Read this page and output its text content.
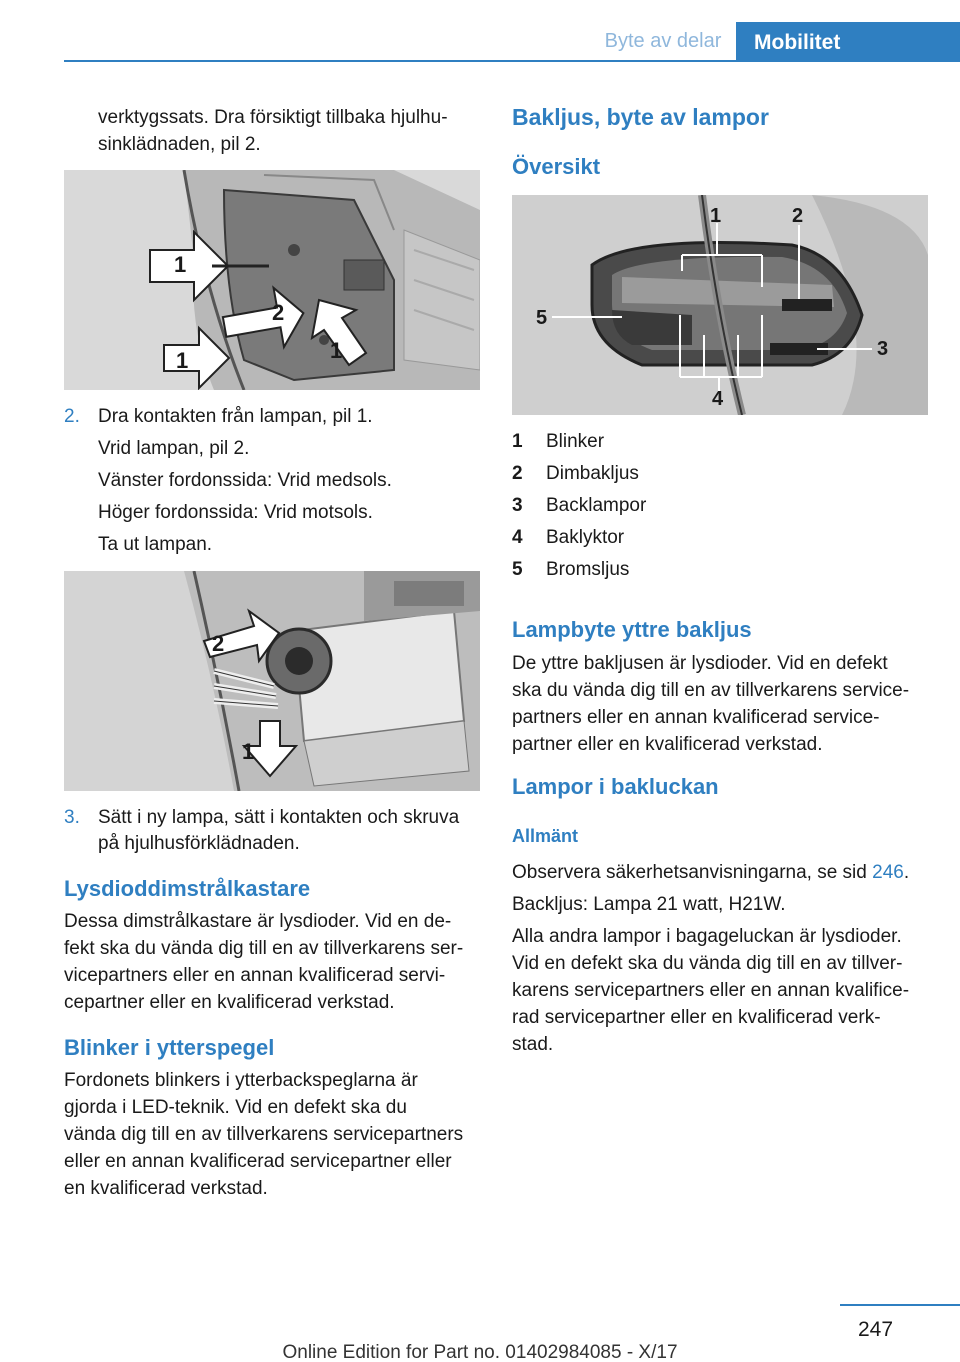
Byte av delar	Mobilitet
verktygssats. Dra försiktigt tillbaka hjulhu‐
sinklädnaden, pil 2.
1
2
1	1
2. Dra kontakten från lampan, pil 1.
Vrid lampan, pil 2.
Vänster fordonssida: Vrid medsols.
Höger fordonssida: Vrid motsols.
Ta ut lampan.
2
1
3. Sätt i ny lampa, sätt i kontakten och skruva
på hjulhusförklädnaden.
Lysdioddimstrålkastare
Dessa dimstrålkastare är lysdioder. Vid en de‐
fekt ska du vända dig till en av tillverkarens ser‐
vicepartners eller en annan kvalificerad servi‐
cepartner eller en kvalificerad verkstad.
Blinker i ytterspegel
Fordonets blinkers i ytterbackspeglarna är
gjorda i LED-teknik. Vid en defekt ska du
vända dig till en av tillverkarens servicepartners
eller en annan kvalificerad servicepartner eller
en kvalificerad verkstad.
Bakljus, byte av lampor
Översikt
1	2
3
4
5
1 Blinker
2 Dimbakljus
3 Backlampor
4 Baklyktor
5 Bromsljus
Lampbyte yttre bakljus
De yttre bakljusen är lysdioder. Vid en defekt
ska du vända dig till en av tillverkarens service‐
partners eller en annan kvalificerad service‐
partner eller en kvalificerad verkstad.
Lampor i bakluckan
Allmänt
Observera säkerhetsanvisningarna, se sid 246.
Backljus: Lampa 21 watt, H21W.
Alla andra lampor i bagageluckan är lysdioder.
Vid en defekt ska du vända dig till en av tillver‐
karens servicepartners eller en annan kvalifice‐
rad servicepartner eller en kvalificerad verk‐
stad.
247
Online Edition for Part no. 01402984085 - X/17
